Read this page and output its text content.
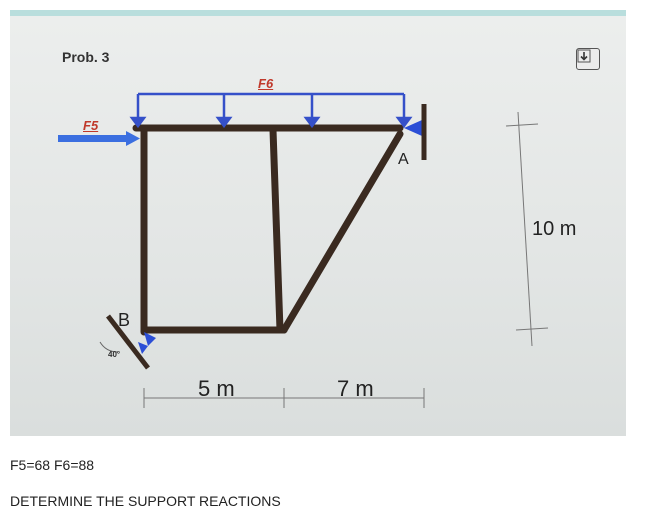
Prob. 3
F6
F5
A
B
40°
5 m	7 m
10 m
F5=68 F6=88
DETERMINE THE SUPPORT REACTIONS
